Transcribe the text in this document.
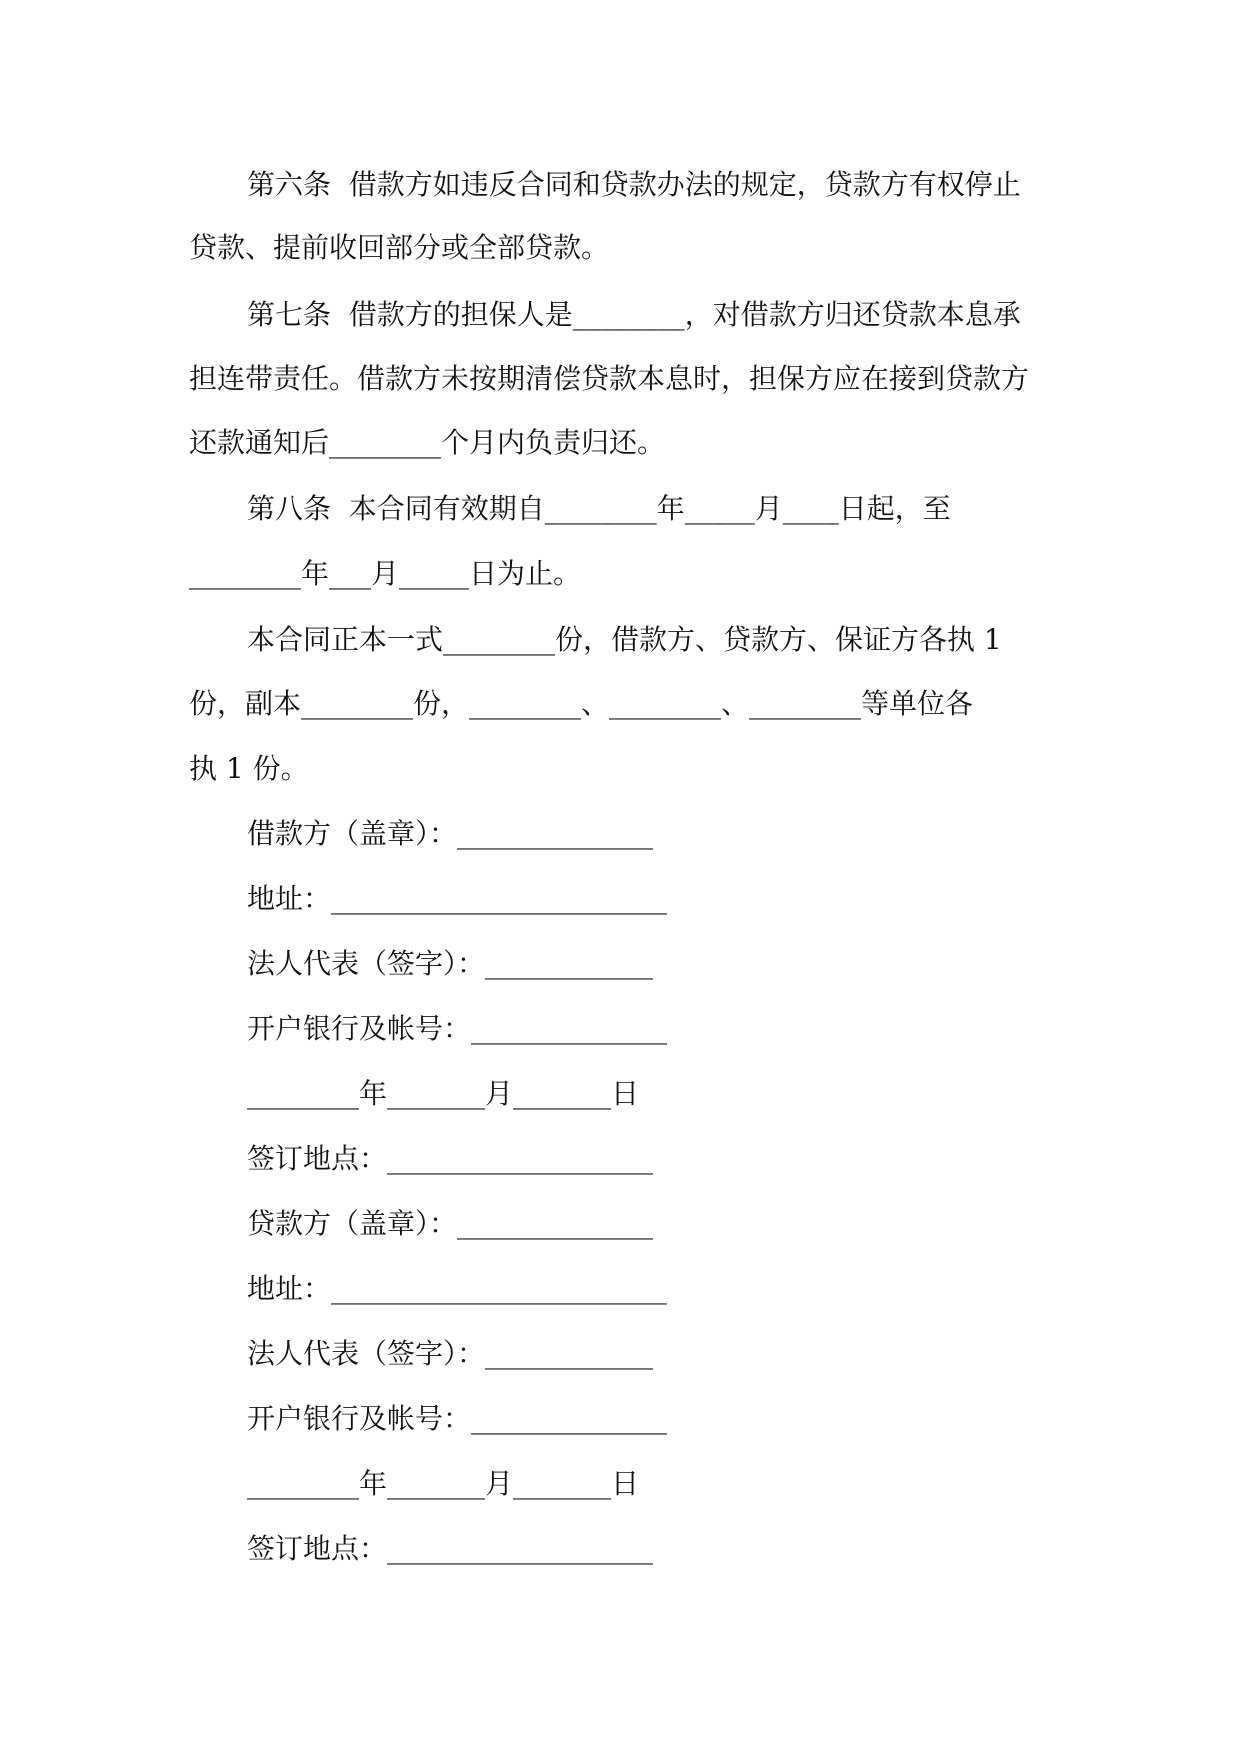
第六条  借款方如违反合同和贷款办法的规定，贷款方有权停止
贷款、提前收回部分或全部贷款。
第七条  借款方的担保人是________，对借款方归还贷款本息承
担连带责任。借款方未按期清偿贷款本息时，担保方应在接到贷款方
还款通知后________个月内负责归还。
第八条  本合同有效期自________年_____月____日起，至
________年___月_____日为止。
本合同正本一式________份，借款方、贷款方、保证方各执 1
份，副本________份，________、________、________等单位各
执 1 份。
借款方（盖章）：______________
地址：________________________
法人代表（签字）：____________
开户银行及帐号：______________
________年_______月_______日
签订地点：___________________
贷款方（盖章）：______________
地址：________________________
法人代表（签字）：____________
开户银行及帐号：______________
________年_______月_______日
签订地点：___________________
